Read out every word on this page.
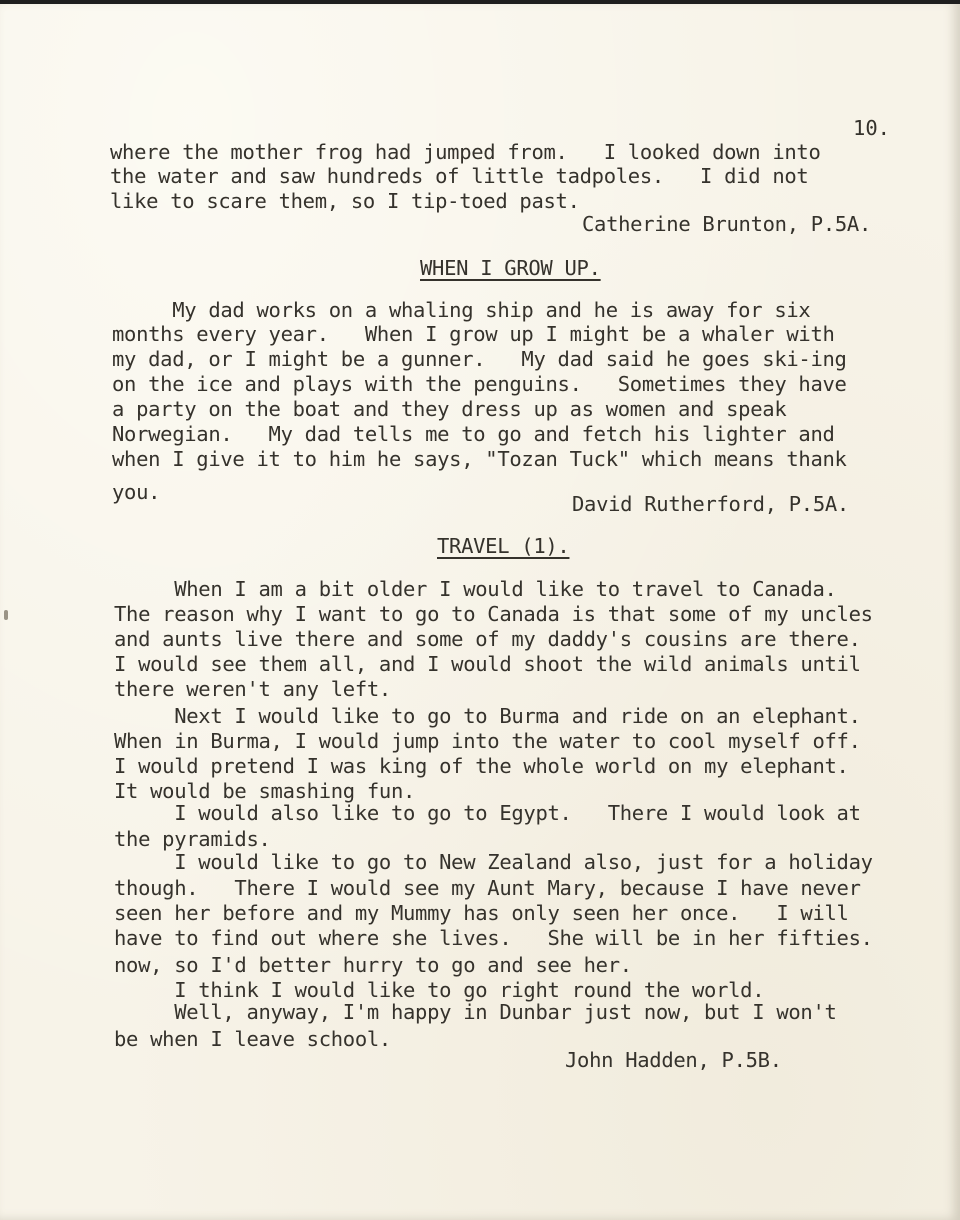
10.
where the mother frog had jumped from.   I looked down into
the water and saw hundreds of little tadpoles.   I did not
like to scare them, so I tip-toed past.
Catherine Brunton, P.5A.
WHEN I GROW UP.
My dad works on a whaling ship and he is away for six
months every year.   When I grow up I might be a whaler with
my dad, or I might be a gunner.   My dad said he goes ski-ing
on the ice and plays with the penguins.   Sometimes they have
a party on the boat and they dress up as women and speak
Norwegian.   My dad tells me to go and fetch his lighter and
when I give it to him he says, "Tozan Tuck" which means thank
you.	David Rutherford, P.5A.
TRAVEL (1).
When I am a bit older I would like to travel to Canada.
The reason why I want to go to Canada is that some of my uncles
and aunts live there and some of my daddy's cousins are there.
I would see them all, and I would shoot the wild animals until
there weren't any left.
Next I would like to go to Burma and ride on an elephant.
When in Burma, I would jump into the water to cool myself off.
I would pretend I was king of the whole world on my elephant.
It would be smashing fun.
I would also like to go to Egypt.   There I would look at
the pyramids.
I would like to go to New Zealand also, just for a holiday
though.   There I would see my Aunt Mary, because I have never
seen her before and my Mummy has only seen her once.   I will
have to find out where she lives.   She will be in her fifties.
now, so I'd better hurry to go and see her.
I think I would like to go right round the world.
Well, anyway, I'm happy in Dunbar just now, but I won't
be when I leave school.
John Hadden, P.5B.
